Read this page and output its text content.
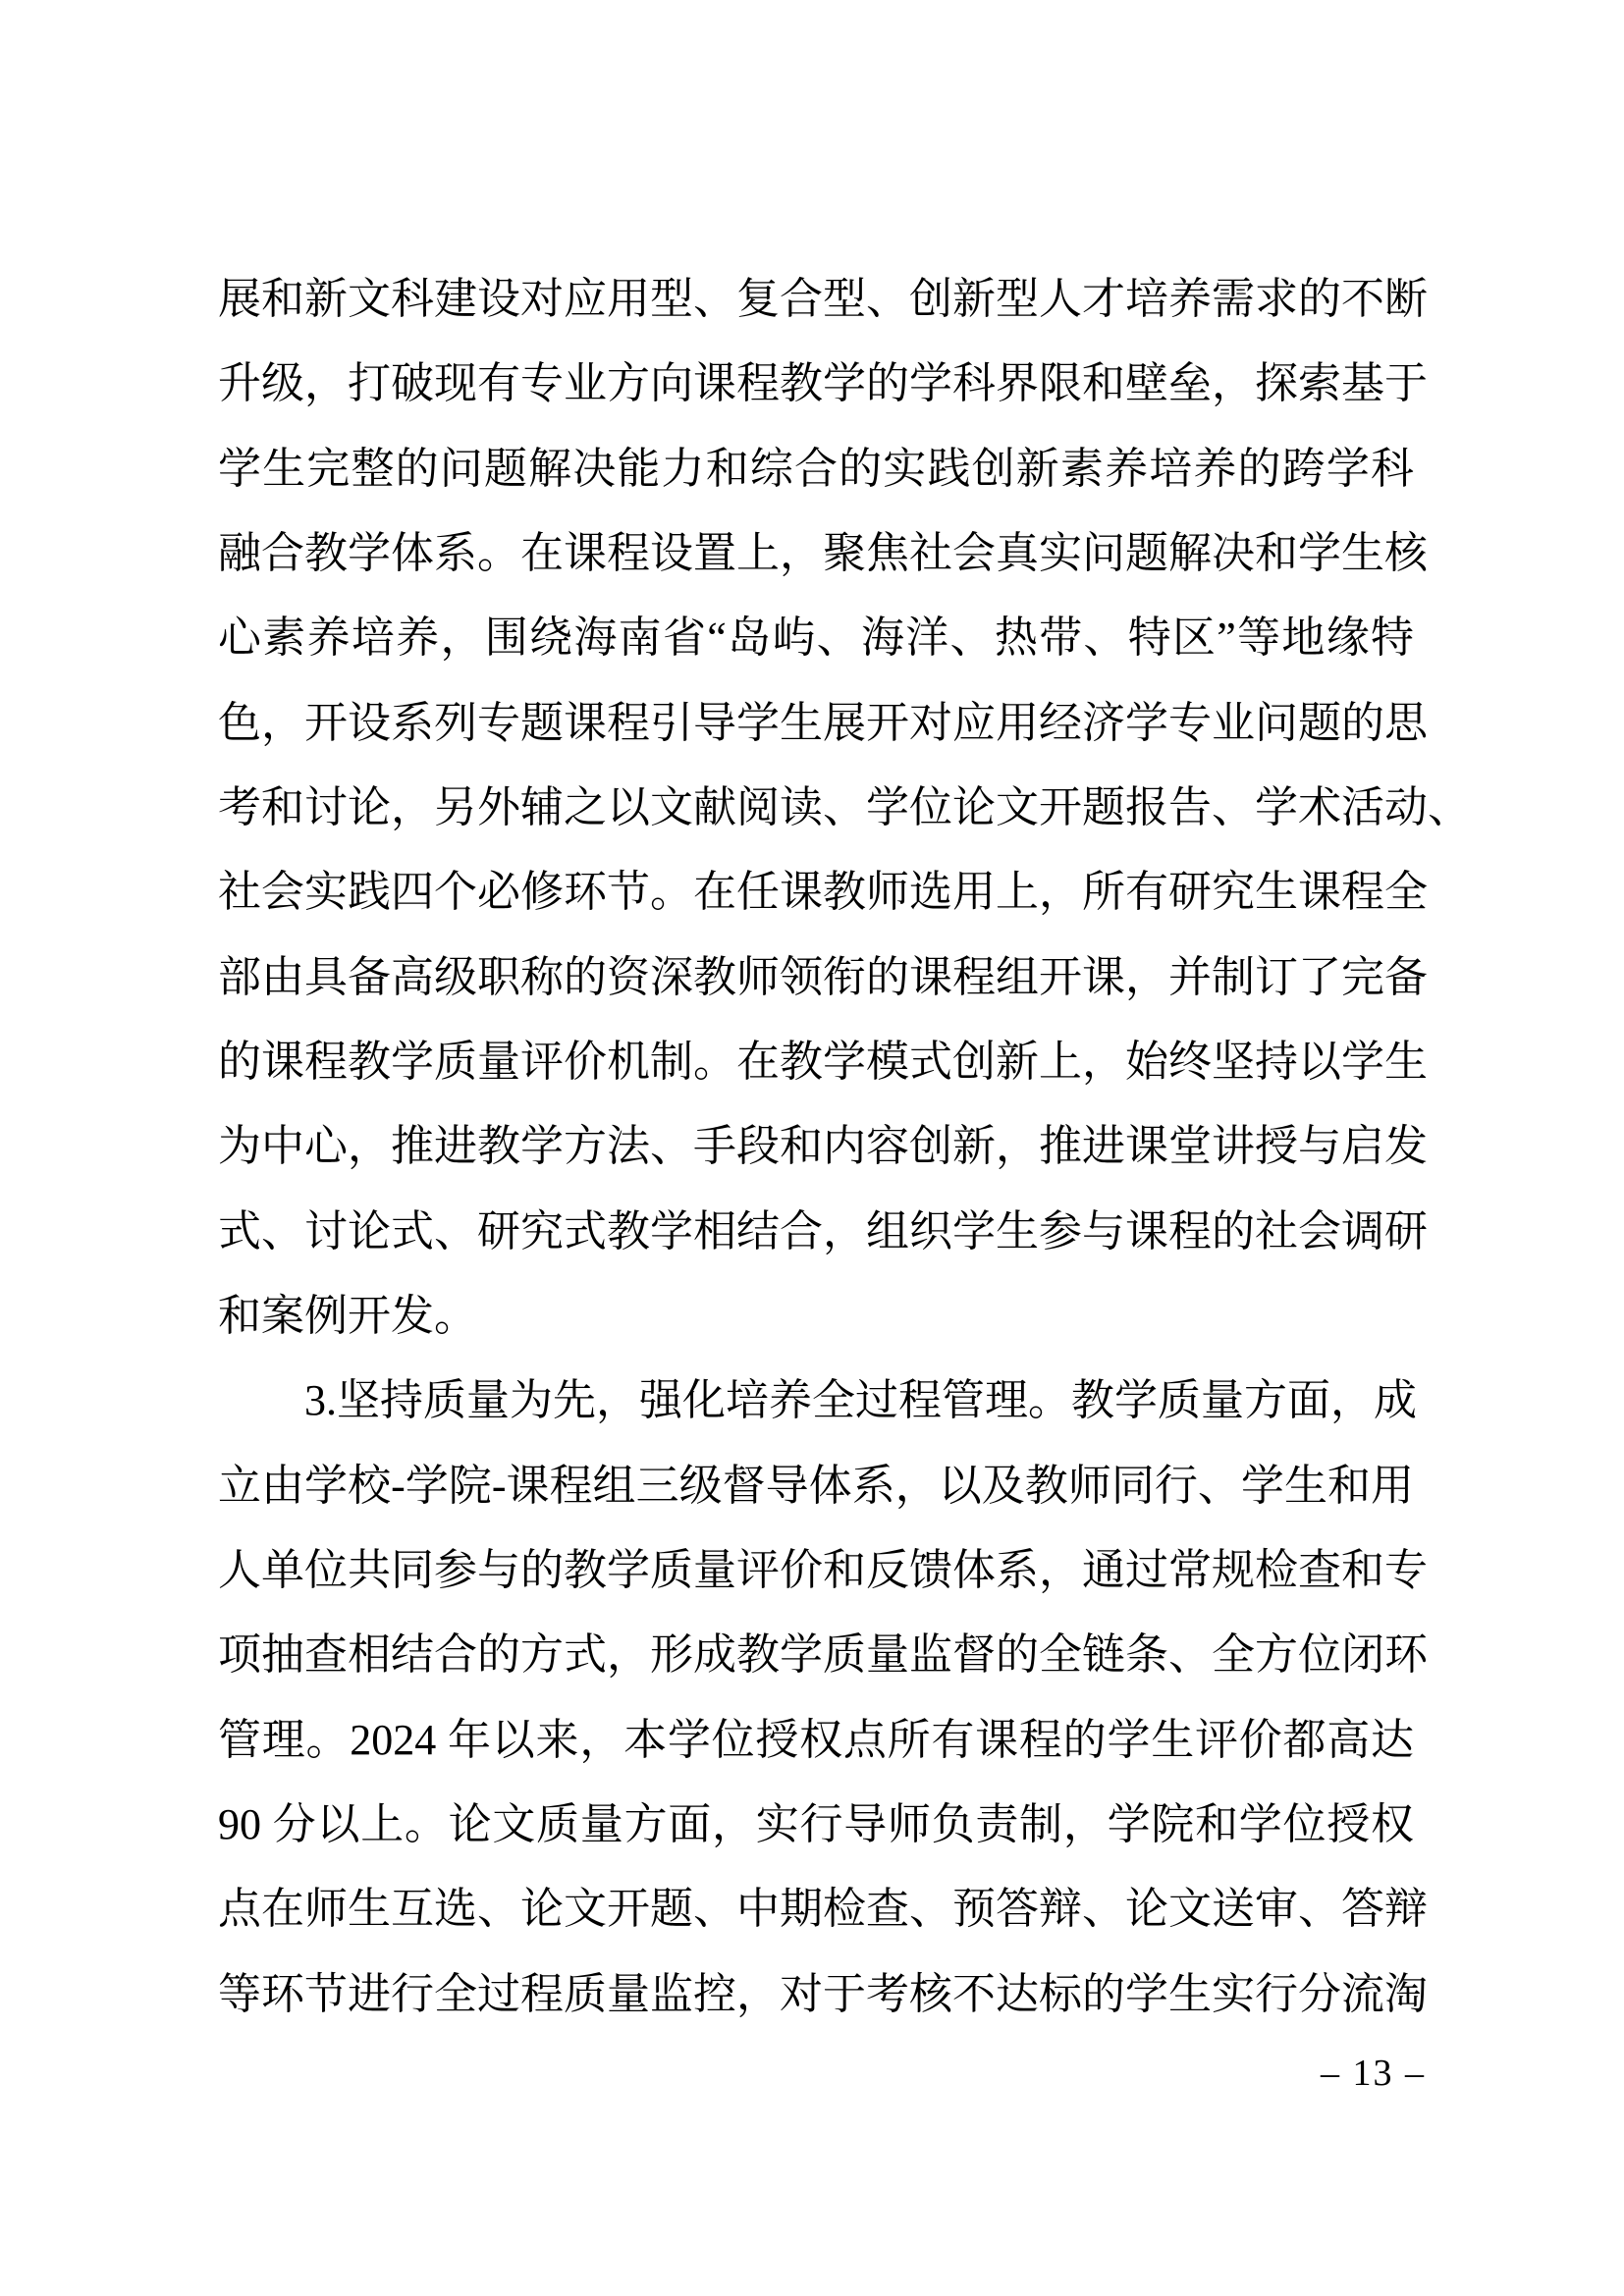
展和新文科建设对应用型、复合型、创新型人才培养需求的不断
升级，打破现有专业方向课程教学的学科界限和壁垒，探索基于
学生完整的问题解决能力和综合的实践创新素养培养的跨学科
融合教学体系。在课程设置上，聚焦社会真实问题解决和学生核
心素养培养，围绕海南省“岛屿、海洋、热带、特区”等地缘特
色，开设系列专题课程引导学生展开对应用经济学专业问题的思
考和讨论，另外辅之以文献阅读、学位论文开题报告、学术活动、
社会实践四个必修环节。在任课教师选用上，所有研究生课程全
部由具备高级职称的资深教师领衔的课程组开课，并制订了完备
的课程教学质量评价机制。在教学模式创新上，始终坚持以学生
为中心，推进教学方法、手段和内容创新，推进课堂讲授与启发
式、讨论式、研究式教学相结合，组织学生参与课程的社会调研
和案例开发。
3.坚持质量为先，强化培养全过程管理。教学质量方面，成
立由学校-学院-课程组三级督导体系，以及教师同行、学生和用
人单位共同参与的教学质量评价和反馈体系，通过常规检查和专
项抽查相结合的方式，形成教学质量监督的全链条、全方位闭环
管理。2024 年以来，本学位授权点所有课程的学生评价都高达
90 分以上。论文质量方面，实行导师负责制，学院和学位授权
点在师生互选、论文开题、中期检查、预答辩、论文送审、答辩
等环节进行全过程质量监控，对于考核不达标的学生实行分流淘
– 13 –
